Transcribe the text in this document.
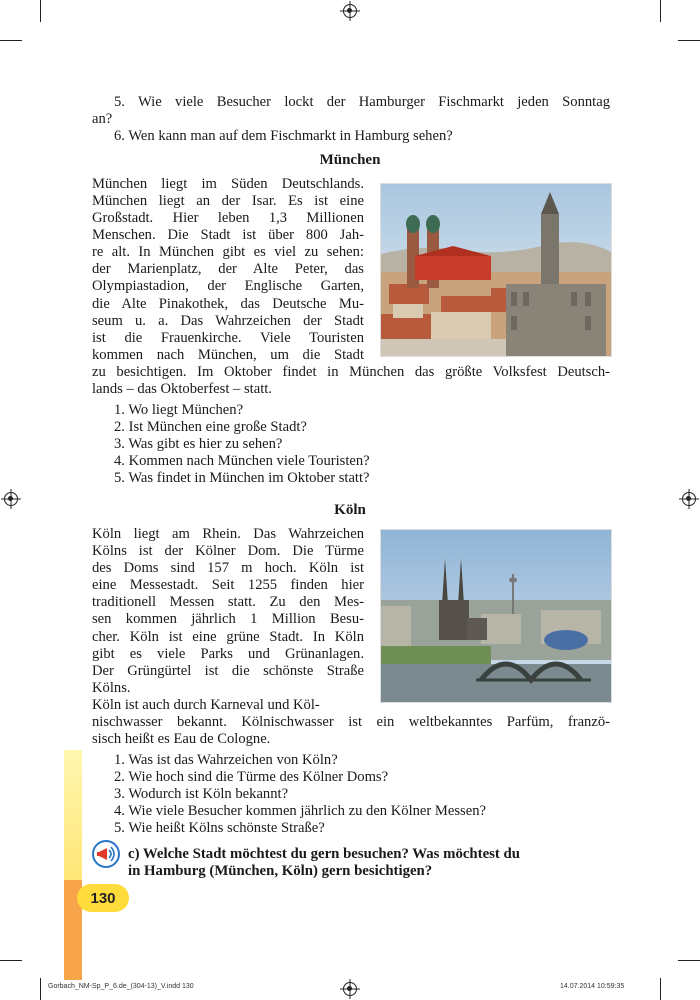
5. Wie viele Besucher lockt der Hamburger Fischmarkt jeden Sonntag
an?
6. Wen kann man auf dem Fischmarkt in Hamburg sehen?
München
München liegt im Süden Deutschlands.
München liegt an der Isar. Es ist eine
Großstadt. Hier leben 1,3 Millionen
Menschen. Die Stadt ist über 800 Jah-
re alt. In München gibt es viel zu sehen:
der Marienplatz, der Alte Peter, das
Olympiastadion, der Englische Garten,
die Alte Pinakothek, das Deutsche Mu-
seum u. a. Das Wahrzeichen der Stadt
ist die Frauenkirche. Viele Touristen
kommen nach München, um die Stadt
zu besichtigen. Im Oktober findet in München das größte Volksfest Deutsch-
lands – das Oktoberfest – statt.
1. Wo liegt München?
2. Ist München eine große Stadt?
3. Was gibt es hier zu sehen?
4. Kommen nach München viele Touristen?
5. Was findet in München im Oktober statt?
Köln
Köln liegt am Rhein. Das Wahrzeichen
Kölns ist der Kölner Dom. Die Türme
des Doms sind 157 m hoch. Köln ist
eine Messestadt. Seit 1255 finden hier
traditionell Messen statt. Zu den Mes-
sen kommen jährlich 1 Million Besu-
cher. Köln ist eine grüne Stadt. In Köln
gibt es viele Parks und Grünanlagen.
Der Grüngürtel ist die schönste Straße
Kölns.
Köln ist auch durch Karneval und Köl-
nischwasser bekannt. Kölnischwasser ist ein weltbekanntes Parfüm, franzö-
sisch heißt es Eau de Cologne.
1. Was ist das Wahrzeichen von Köln?
2. Wie hoch sind die Türme des Kölner Doms?
3. Wodurch ist Köln bekannt?
4. Wie viele Besucher kommen jährlich zu den Kölner Messen?
5. Wie heißt Kölns schönste Straße?
c) Welche Stadt möchtest du gern besuchen? Was möchtest du
in Hamburg (München, Köln) gern besichtigen?
130
Gorbach_NM-Sp_P_6.de_(304-13)_V.indd 130	14.07.2014 10:59:35
